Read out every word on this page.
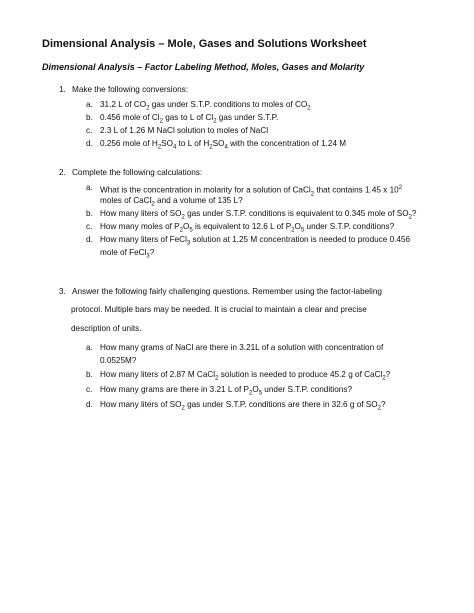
Dimensional Analysis – Mole, Gases and Solutions Worksheet
Dimensional Analysis – Factor Labeling Method, Moles, Gases and Molarity
1. Make the following conversions:
a. 31.2 L of $CO_2$ gas under S.T.P. conditions to moles of $CO_2$
b. 0.456 mole of $Cl_2$ gas to L of $Cl_2$ gas under S.T.P.
c. 2.3 L of 1.26 M NaCl solution to moles of NaCl
d. 0.256 mole of $H_2SO_4$ to L of $H_2SO_4$ with the concentration of 1.24 M
2. Complete the following calculations:
a. What is the concentration in molarity for a solution of CaCl$_2$ that contains 1.45 x $10^2$
moles of CaCl$_2$ and a volume of 135 L?
b. How many liters of $SO_2$ gas under S.T.P. conditions is equivalent to 0.345 mole of $SO_2$?
c. How many moles of $P_2O_5$ is equivalent to 12.6 L of $P_2O_5$ under S.T.P. conditions?
d. How many liters of FeCl$_3$ solution at 1.25 M concentration is needed to produce 0.456
mole of FeCl$_3$?
3. Answer the following fairly challenging questions. Remember using the factor-labeling
protocol. Multiple bars may be needed. It is crucial to maintain a clear and precise
description of units.
a. How many grams of NaCl are there in 3.21L of a solution with concentration of
0.0525M?
b. How many liters of 2.87 M CaCl$_2$ solution is needed to produce 45.2 g of CaCl$_2$?
c. How many grams are there in 3.21 L of $P_2O_5$ under S.T.P. conditions?
d. How many liters of $SO_2$ gas under S.T.P. conditions are there in 32.6 g of $SO_2$?
